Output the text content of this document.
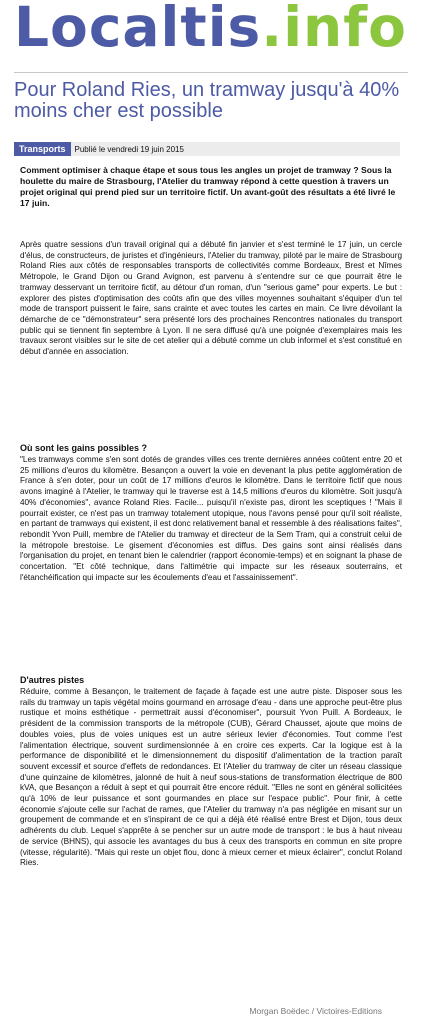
Localtis.info
Pour Roland Ries, un tramway jusqu'à 40% moins cher est possible
Transports Publié le vendredi 19 juin 2015
Comment optimiser à chaque étape et sous tous les angles un projet de tramway ? Sous la houlette du maire de Strasbourg, l'Atelier du tramway répond à cette question à travers un projet original qui prend pied sur un territoire fictif. Un avant-goût des résultats a été livré le 17 juin.
Après quatre sessions d'un travail original qui a débuté fin janvier et s'est terminé le 17 juin, un cercle d'élus, de constructeurs, de juristes et d'ingénieurs, l'Atelier du tramway, piloté par le maire de Strasbourg Roland Ries aux côtés de responsables transports de collectivités comme Bordeaux, Brest et Nîmes Métropole, le Grand Dijon ou Grand Avignon, est parvenu à s'entendre sur ce que pourrait être le tramway desservant un territoire fictif, au détour d'un roman, d'un "serious game" pour experts. Le but : explorer des pistes d'optimisation des coûts afin que des villes moyennes souhaitant s'équiper d'un tel mode de transport puissent le faire, sans crainte et avec toutes les cartes en main. Ce livre dévoilant la démarche de ce "démonstrateur" sera présenté lors des prochaines Rencontres nationales du transport public qui se tiennent fin septembre à Lyon. Il ne sera diffusé qu'à une poignée d'exemplaires mais les travaux seront visibles sur le site de cet atelier qui a débuté comme un club informel et s'est constitué en début d'année en association.
Où sont les gains possibles ?
"Les tramways comme s'en sont dotés de grandes villes ces trente dernières années coûtent entre 20 et 25 millions d'euros du kilomètre. Besançon a ouvert la voie en devenant la plus petite agglomération de France à s'en doter, pour un coût de 17 millions d'euros le kilomètre. Dans le territoire fictif que nous avons imaginé à l'Atelier, le tramway qui le traverse est à 14,5 millions d'euros du kilomètre. Soit jusqu'à 40% d'économies", avance Roland Ries. Facile... puisqu'il n'existe pas, diront les sceptiques ! "Mais il pourrait exister, ce n'est pas un tramway totalement utopique, nous l'avons pensé pour qu'il soit réaliste, en partant de tramways qui existent, il est donc relativement banal et ressemble à des réalisations faites", rebondit Yvon Puill, membre de l'Atelier du tramway et directeur de la Sem Tram, qui a construit celui de la métropole brestoise. Le gisement d'économies est diffus. Des gains sont ainsi réalisés dans l'organisation du projet, en tenant bien le calendrier (rapport économie-temps) et en soignant la phase de concertation. "Et côté technique, dans l'altimétrie qui impacte sur les réseaux souterrains, et l'étanchéification qui impacte sur les écoulements d'eau et l'assainissement".
D'autres pistes
Réduire, comme à Besançon, le traitement de façade à façade est une autre piste. Disposer sous les rails du tramway un tapis végétal moins gourmand en arrosage d'eau - dans une approche peut-être plus rustique et moins esthétique - permettrait aussi d'économiser", poursuit Yvon Puill. A Bordeaux, le président de la commission transports de la métropole (CUB), Gérard Chausset, ajoute que moins de doubles voies, plus de voies uniques est un autre sérieux levier d'économies. Tout comme l'est l'alimentation électrique, souvent surdimensionnée à en croire ces experts. Car la logique est à la performance de disponibilité et le dimensionnement du dispositif d'alimentation de la traction paraît souvent excessif et source d'effets de redondances. Et l'Atelier du tramway de citer un réseau classique d'une quinzaine de kilomètres, jalonné de huit à neuf sous-stations de transformation électrique de 800 kVA, que Besançon a réduit à sept et qui pourrait être encore réduit. "Elles ne sont en général sollicitées qu'à 10% de leur puissance et sont gourmandes en place sur l'espace public". Pour finir, à cette économie s'ajoute celle sur l'achat de rames, que l'Atelier du tramway n'a pas négligée en misant sur un groupement de commande et en s'inspirant de ce qui a déjà été réalisé entre Brest et Dijon, tous deux adhérents du club. Lequel s'apprête à se pencher sur un autre mode de transport : le bus à haut niveau de service (BHNS), qui associe les avantages du bus à ceux des transports en commun en site propre (vitesse, régularité). "Mais qui reste un objet flou, donc à mieux cerner et mieux éclairer", conclut Roland Ries.
Morgan Boëdec / Victoires-Editions
